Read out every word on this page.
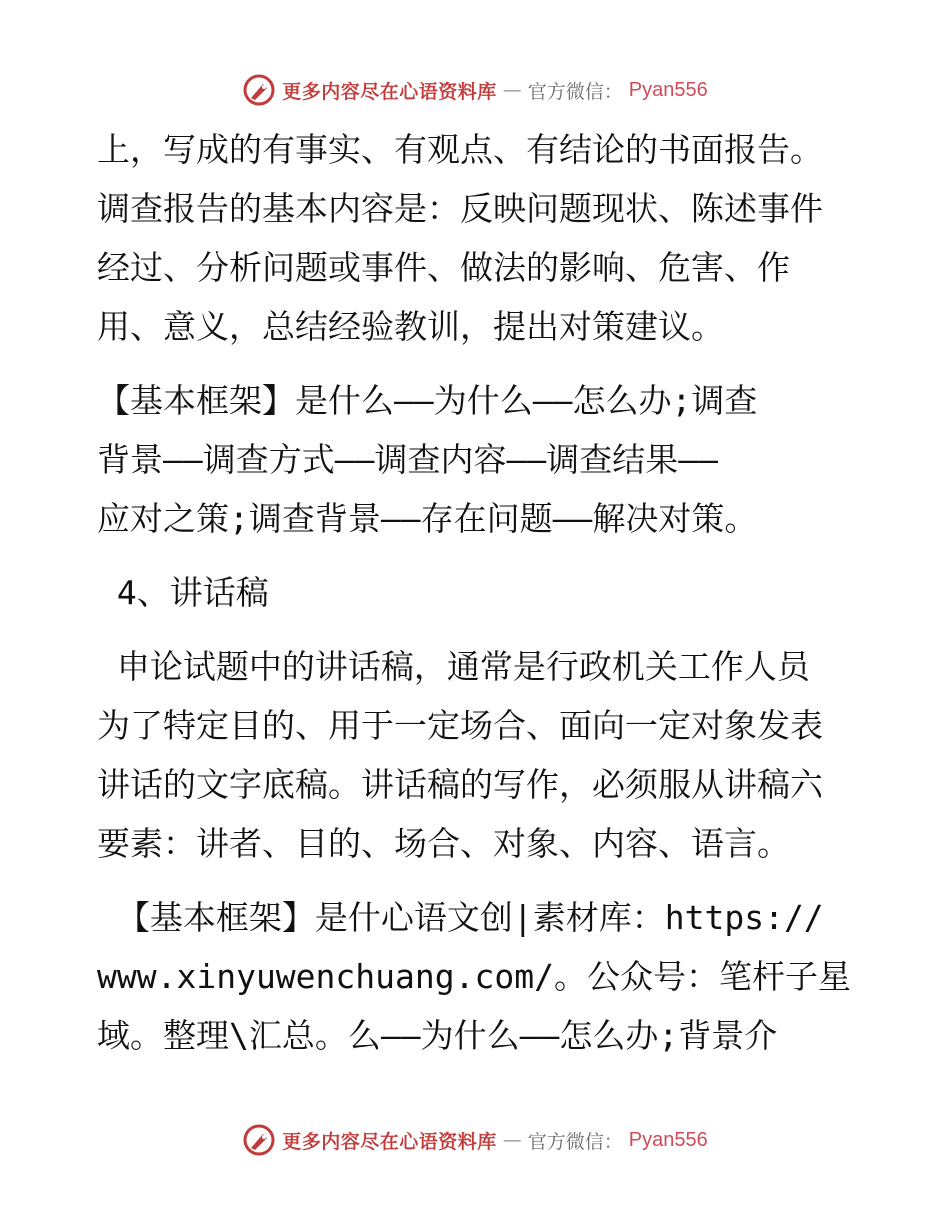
更多内容尽在心语资料库 — 官方微信： Pyan556

上，写成的有事实、有观点、有结论的书面报告。
调查报告的基本内容是：反映问题现状、陈述事件
经过、分析问题或事件、做法的影响、危害、作
用、意义，总结经验教训，提出对策建议。

【基本框架】是什么——为什么——怎么办;调查
背景——调查方式——调查内容——调查结果——
应对之策;调查背景——存在问题——解决对策。

4、讲话稿

申论试题中的讲话稿，通常是行政机关工作人员
为了特定目的、用于一定场合、面向一定对象发表
讲话的文字底稿。讲话稿的写作，必须服从讲稿六
要素：讲者、目的、场合、对象、内容、语言。

【基本框架】是什心语文创|素材库：https://
www.xinyuwenchuang.com/。公众号：笔杆子星
域。整理\汇总。么——为什么——怎么办;背景介

更多内容尽在心语资料库 — 官方微信： Pyan556
